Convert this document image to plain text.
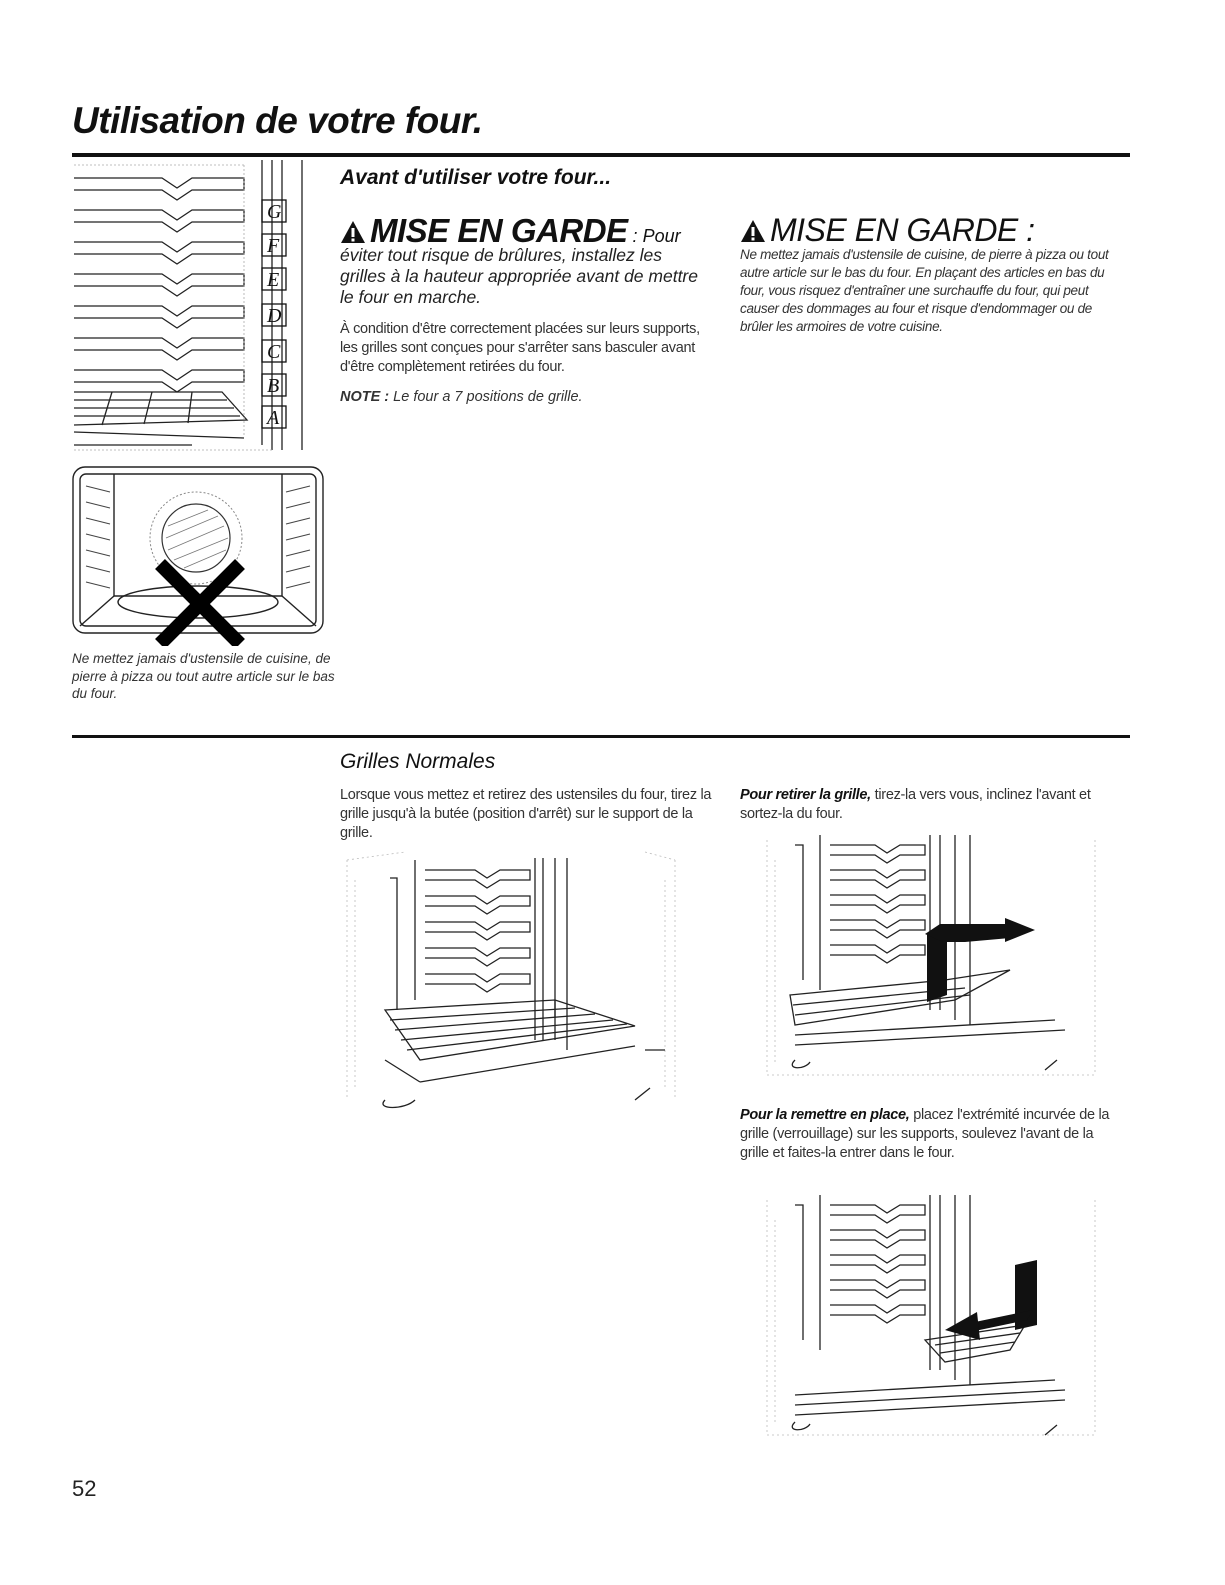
Utilisation de votre four.
G
F
E
D
C
B
A
Ne mettez jamais d'ustensile de cuisine, de pierre à pizza ou tout autre article sur le bas du four.
Avant d'utiliser votre four...
MISE EN GARDE : Pour
éviter tout risque de brûlures, installez les grilles à la hauteur appropriée avant de mettre le four en marche.
À condition d'être correctement placées sur leurs supports, les grilles sont conçues pour s'arrêter sans basculer avant d'être complètement retirées du four.
NOTE : Le four a 7 positions de grille.
MISE EN GARDE :
Ne mettez jamais d'ustensile de cuisine, de pierre à pizza ou tout autre article sur le bas du four. En plaçant des articles en bas du four, vous risquez d'entraîner une surchauffe du four, qui peut causer des dommages au four et risque d'endommager ou de brûler les armoires de votre cuisine.
Grilles Normales
Lorsque vous mettez et retirez des ustensiles du four, tirez la grille jusqu'à la butée (position d'arrêt) sur le support de la grille.
Pour retirer la grille, tirez-la vers vous, inclinez l'avant et sortez-la du four.
Pour la remettre en place, placez l'extrémité incurvée de la grille (verrouillage) sur les supports, soulevez l'avant de la grille et faites-la entrer dans le four.
52
